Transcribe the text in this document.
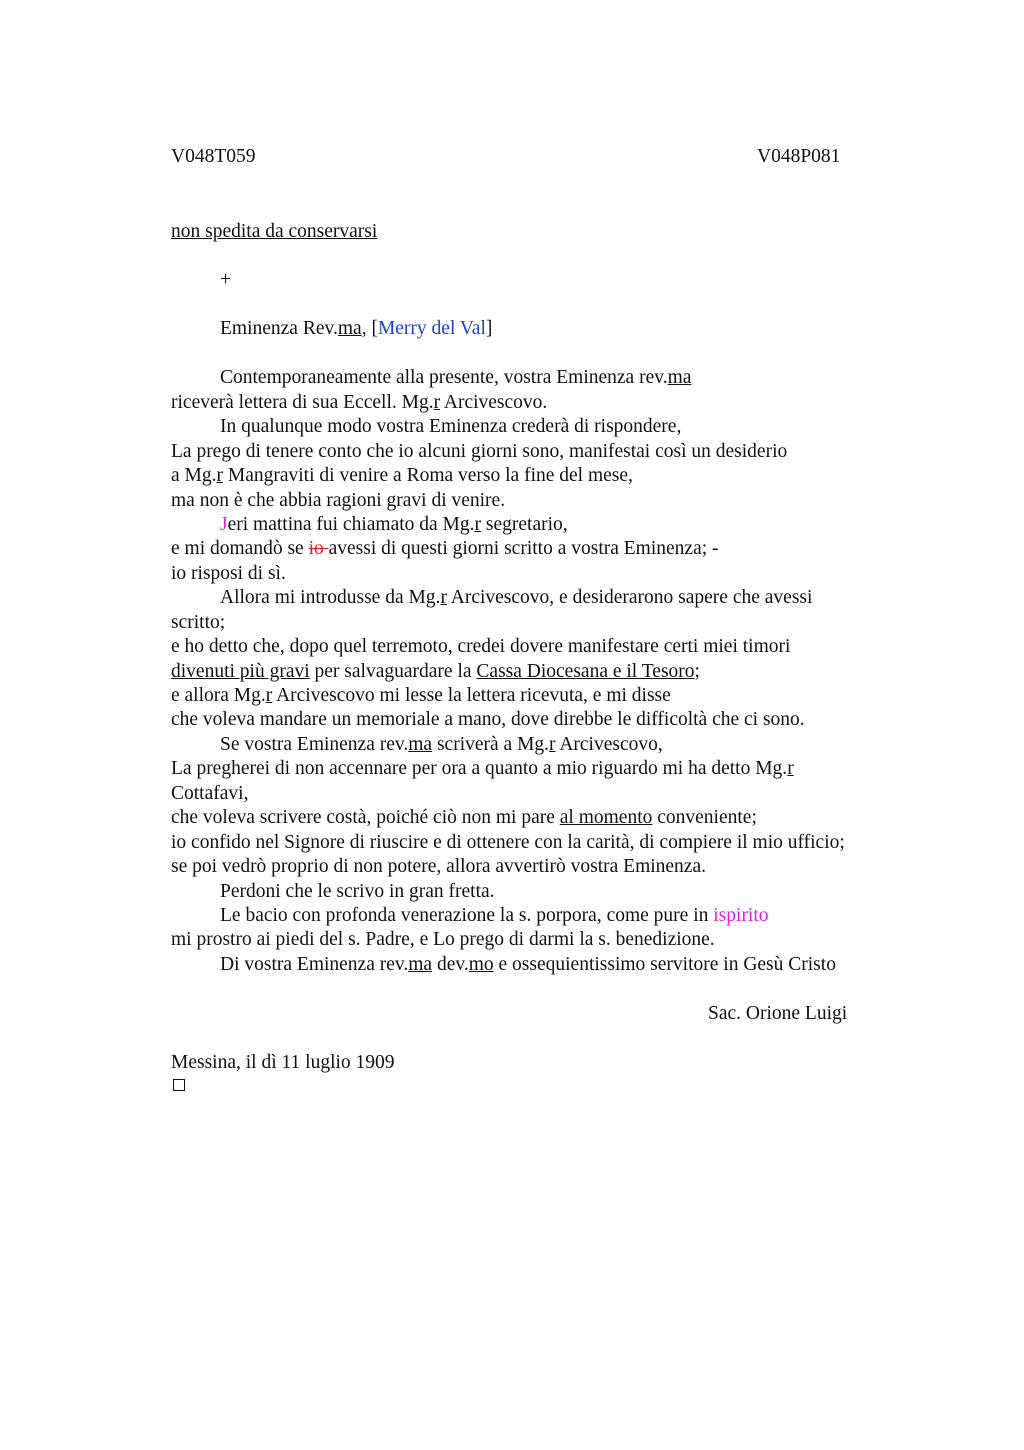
V048T059	V048P081
non spedita da conservarsi
+
Eminenza Rev.ma, [Merry del Val]
Contemporaneamente alla presente, vostra Eminenza rev.ma
riceverà lettera di sua Eccell. Mg.r Arcivescovo.
In qualunque modo vostra Eminenza crederà di rispondere,
La prego di tenere conto che io alcuni giorni sono, manifestai così un desiderio
a Mg.r Mangraviti di venire a Roma verso la fine del mese,
ma non è che abbia ragioni gravi di venire.
Jeri mattina fui chiamato da Mg.r segretario,
e mi domandò se io avessi di questi giorni scritto a vostra Eminenza; -
io risposi di sì.
Allora mi introdusse da Mg.r Arcivescovo, e desiderarono sapere che avessi
scritto;
e ho detto che, dopo quel terremoto, credei dovere manifestare certi miei timori
divenuti più gravi per salvaguardare la Cassa Diocesana e il Tesoro;
e allora Mg.r Arcivescovo mi lesse la lettera ricevuta, e mi disse
che voleva mandare un memoriale a mano, dove direbbe le difficoltà che ci sono.
Se vostra Eminenza rev.ma scriverà a Mg.r Arcivescovo,
La pregherei di non accennare per ora a quanto a mio riguardo mi ha detto Mg.r
Cottafavi,
che voleva scrivere costà, poiché ciò non mi pare al momento conveniente;
io confido nel Signore di riuscire e di ottenere con la carità, di compiere il mio ufficio;
se poi vedrò proprio di non potere, allora avvertirò vostra Eminenza.
Perdoni che le scrivo in gran fretta.
Le bacio con profonda venerazione la s. porpora, come pure in ispirito
mi prostro ai piedi del s. Padre, e Lo prego di darmi la s. benedizione.
Di vostra Eminenza rev.ma dev.mo e ossequientissimo servitore in Gesù Cristo
Sac. Orione Luigi
Messina, il dì 11 luglio 1909
